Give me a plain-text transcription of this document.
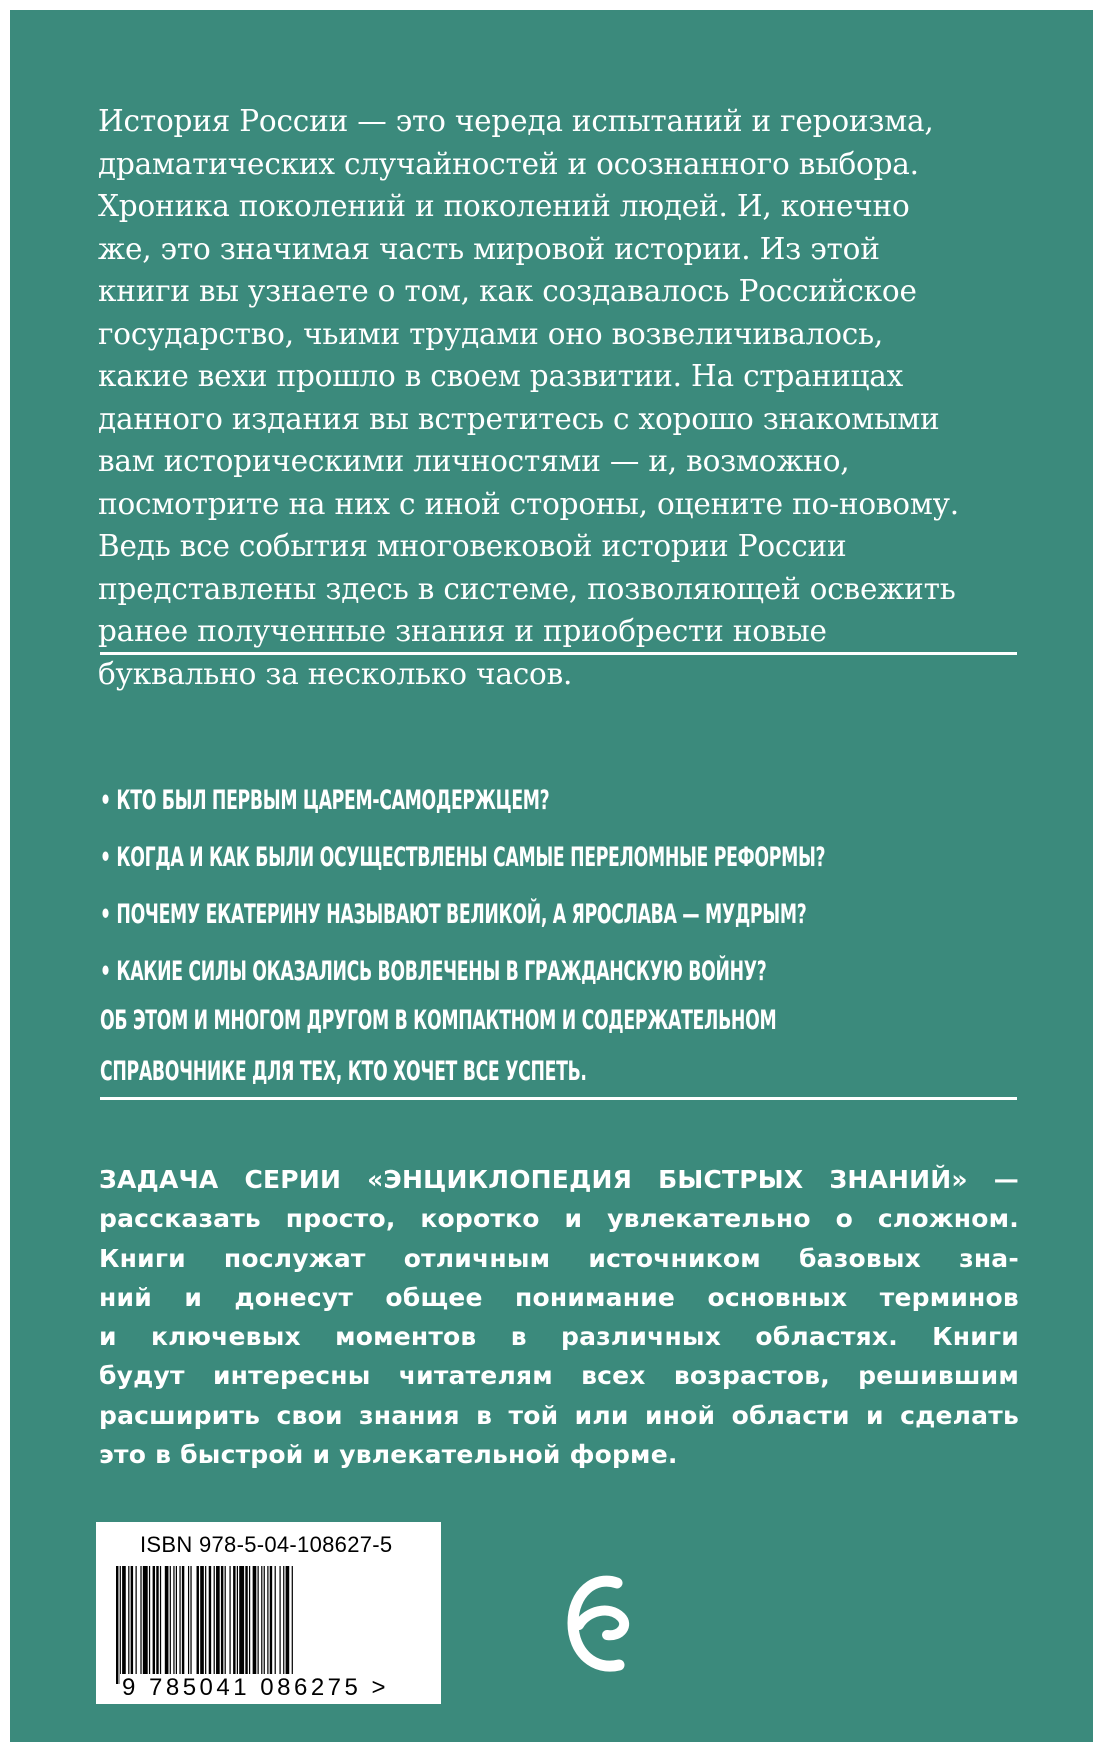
История России — это череда испытаний и героизма,
драматических случайностей и осознанного выбора.
Хроника поколений и поколений людей. И, конечно
же, это значимая часть мировой истории. Из этой
книги вы узнаете о том, как создавалось Российское
государство, чьими трудами оно возвеличивалось,
какие вехи прошло в своем развитии. На страницах
данного издания вы встретитесь с хорошо знакомыми
вам историческими личностями — и, возможно,
посмотрите на них с иной стороны, оцените по-новому.
Ведь все события многовековой истории России
представлены здесь в системе, позволяющей освежить
ранее полученные знания и приобрести новые
буквально за несколько часов.
• КТО БЫЛ ПЕРВЫМ ЦАРЕМ-САМОДЕРЖЦЕМ?
• КОГДА И КАК БЫЛИ ОСУЩЕСТВЛЕНЫ САМЫЕ ПЕРЕЛОМНЫЕ РЕФОРМЫ?
• ПОЧЕМУ ЕКАТЕРИНУ НАЗЫВАЮТ ВЕЛИКОЙ, А ЯРОСЛАВА — МУДРЫМ?
• КАКИЕ СИЛЫ ОКАЗАЛИСЬ ВОВЛЕЧЕНЫ В ГРАЖДАНСКУЮ ВОЙНУ?
ОБ ЭТОМ И МНОГОМ ДРУГОМ В КОМПАКТНОМ И СОДЕРЖАТЕЛЬНОМ
СПРАВОЧНИКЕ ДЛЯ ТЕХ, КТО ХОЧЕТ ВСЕ УСПЕТЬ.
ЗАДАЧА СЕРИИ «ЭНЦИКЛОПЕДИЯ БЫСТРЫХ ЗНАНИЙ» —
рассказать просто, коротко и увлекательно о сложном.
Книги послужат отличным источником базовых зна-
ний и донесут общее понимание основных терминов
и ключевых моментов в различных областях. Книги
будут интересны читателям всех возрастов, решившим
расширить свои знания в той или иной области и сделать
это в быстрой и увлекательной форме.
ISBN 978-5-04-108627-5
9 785041 086275 >
